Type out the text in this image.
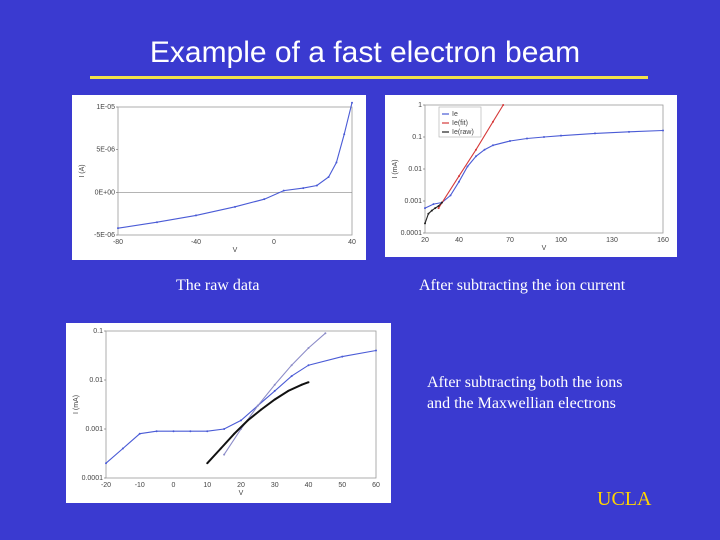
Example of a fast electron beam
-80	-40	0	40
1E-05
5E-06
0E+00
-5E-06
V
I (A)
20	40	70	100	130	160
1
0.1
0.01
0.001
0.0001
V
I (mA)
Ie
Ie(fit)
Ie(raw)
-20	-10	0	10	20	30	40	50	60
0.1
0.01
0.001
0.0001
V
I (mA)
The raw data	After subtracting the ion current
After subtracting both the ions and the Maxwellian electrons
UCLA
